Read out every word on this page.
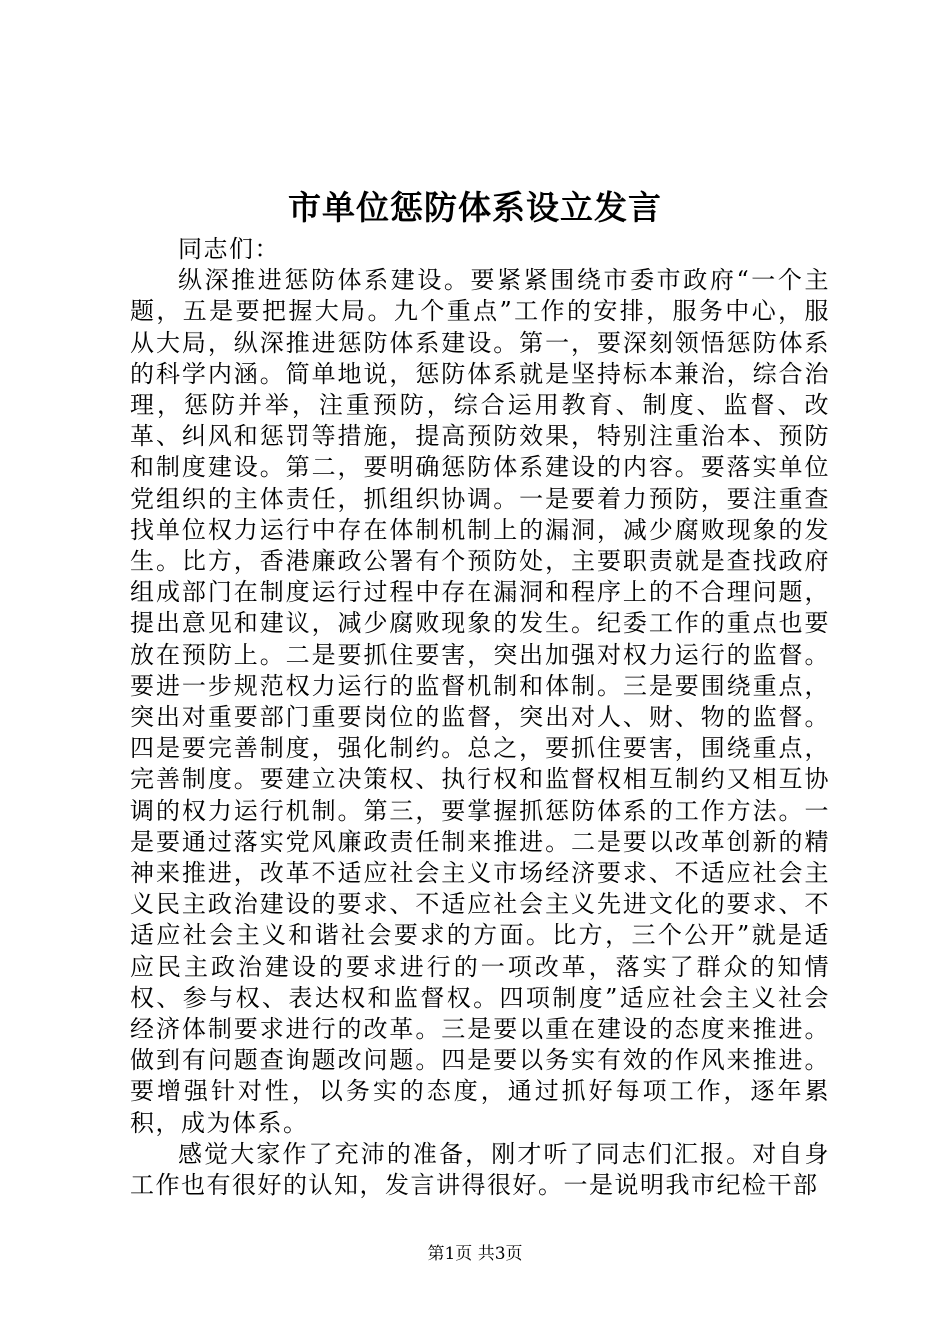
市单位惩防体系设立发言

同志们：

纵深推进惩防体系建设。要紧紧围绕市委市政府“一个主题，五是要把握大局。九个重点”工作的安排，服务中心，服从大局，纵深推进惩防体系建设。第一，要深刻领悟惩防体系的科学内涵。简单地说，惩防体系就是坚持标本兼治，综合治理，惩防并举，注重预防，综合运用教育、制度、监督、改革、纠风和惩罚等措施，提高预防效果，特别注重治本、预防和制度建设。第二，要明确惩防体系建设的内容。要落实单位党组织的主体责任，抓组织协调。一是要着力预防，要注重查找单位权力运行中存在体制机制上的漏洞，减少腐败现象的发生。比方，香港廉政公署有个预防处，主要职责就是查找政府组成部门在制度运行过程中存在漏洞和程序上的不合理问题，提出意见和建议，减少腐败现象的发生。纪委工作的重点也要放在预防上。二是要抓住要害，突出加强对权力运行的监督。要进一步规范权力运行的监督机制和体制。三是要围绕重点，突出对重要部门重要岗位的监督，突出对人、财、物的监督。四是要完善制度，强化制约。总之，要抓住要害，围绕重点，完善制度。要建立决策权、执行权和监督权相互制约又相互协调的权力运行机制。第三，要掌握抓惩防体系的工作方法。一是要通过落实党风廉政责任制来推进。二是要以改革创新的精神来推进，改革不适应社会主义市场经济要求、不适应社会主义民主政治建设的要求、不适应社会主义先进文化的要求、不适应社会主义和谐社会要求的方面。比方，三个公开”就是适应民主政治建设的要求进行的一项改革，落实了群众的知情权、参与权、表达权和监督权。四项制度”适应社会主义社会经济体制要求进行的改革。三是要以重在建设的态度来推进。做到有问题查询题改问题。四是要以务实有效的作风来推进。要增强针对性，以务实的态度，通过抓好每项工作，逐年累积，成为体系。

感觉大家作了充沛的准备，刚才听了同志们汇报。对自身工作也有很好的认知，发言讲得很好。一是说明我市纪检干部

第1页 共3页
